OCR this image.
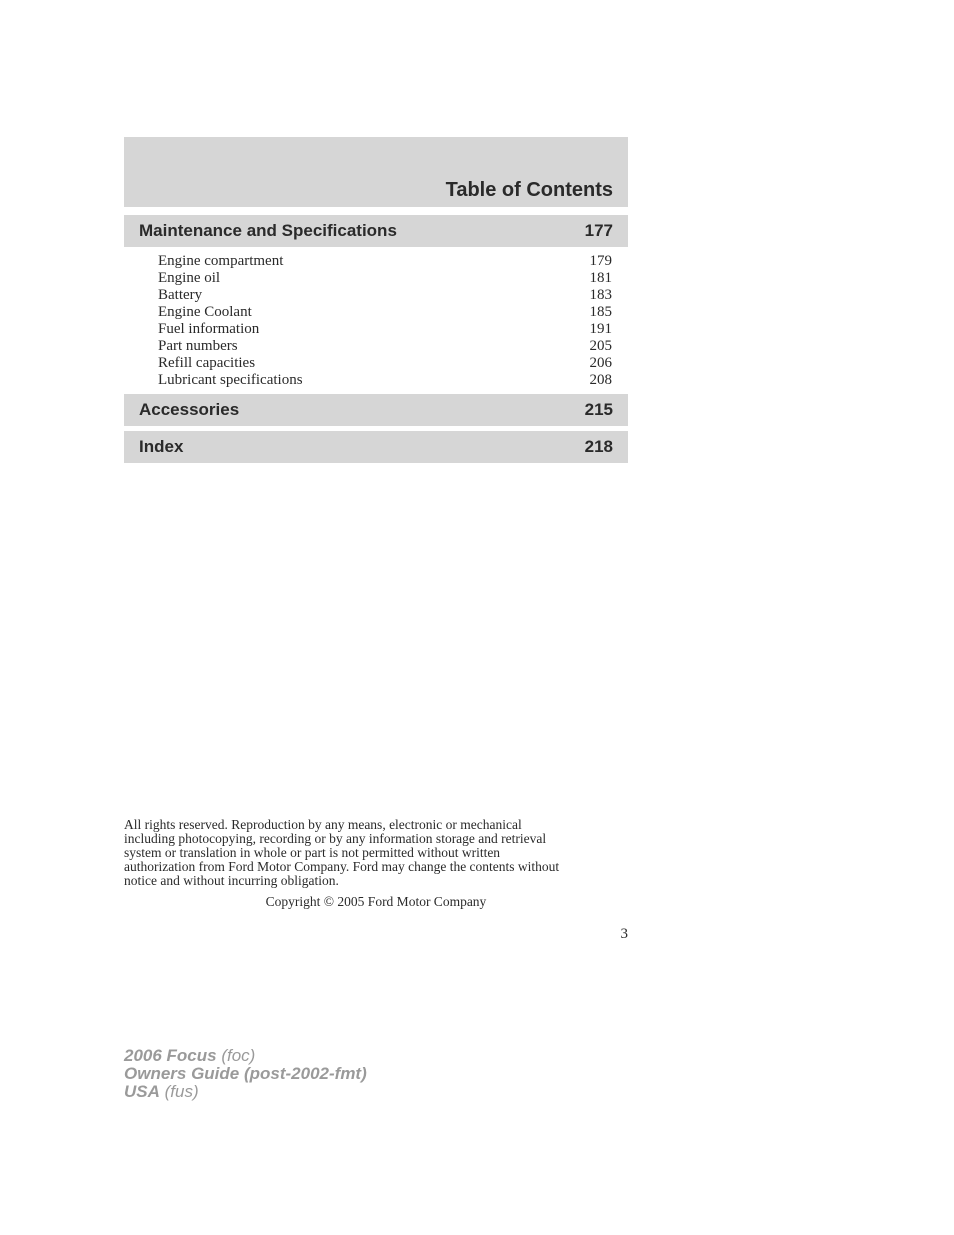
Table of Contents
Maintenance and Specifications	177
Engine compartment	179
Engine oil	181
Battery	183
Engine Coolant	185
Fuel information	191
Part numbers	205
Refill capacities	206
Lubricant specifications	208
Accessories	215
Index	218

All rights reserved. Reproduction by any means, electronic or mechanical
including photocopying, recording or by any information storage and retrieval
system or translation in whole or part is not permitted without written
authorization from Ford Motor Company. Ford may change the contents without
notice and without incurring obligation.

Copyright © 2005 Ford Motor Company
3
2006 Focus (foc)
Owners Guide (post-2002-fmt)
USA (fus)
